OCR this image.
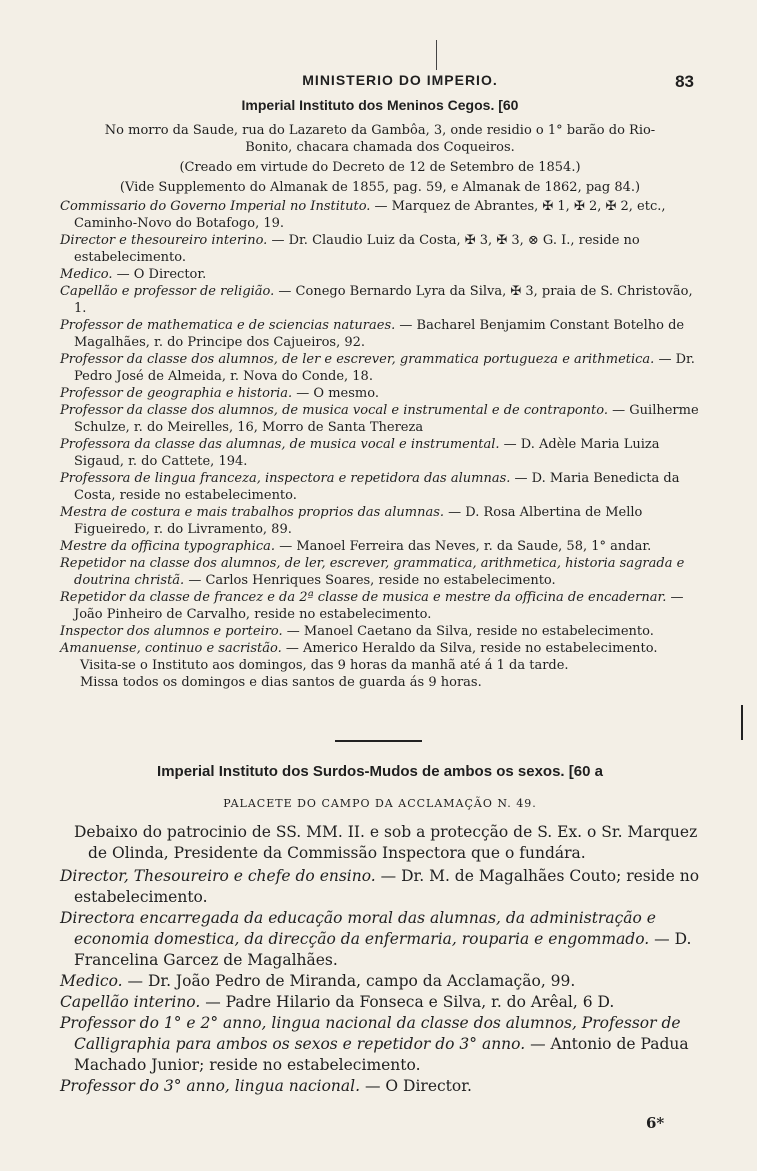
MINISTERIO DO IMPERIO.	83
Imperial Instituto dos Meninos Cegos. [60

No morro da Saude, rua do Lazareto da Gambôa, 3, onde residio o 1° barão do Rio-Bonito, chacara chamada dos Coqueiros.

(Creado em virtude do Decreto de 12 de Setembro de 1854.)

(Vide Supplemento do Almanak de 1855, pag. 59, e Almanak de 1862, pag 84.)

Commissario do Governo Imperial no Instituto. — Marquez de Abrantes, ✠ 1, ✠ 2, ✠ 2, etc., Caminho-Novo do Botafogo, 19.

Director e thesoureiro interino. — Dr. Claudio Luiz da Costa, ✠ 3, ✠ 3, ⊗ G. I., reside no estabelecimento.

Medico. — O Director.

Capellão e professor de religião. — Conego Bernardo Lyra da Silva, ✠ 3, praia de S. Christovão, 1.

Professor de mathematica e de sciencias naturaes. — Bacharel Benjamim Constant Botelho de Magalhães, r. do Principe dos Cajueiros, 92.

Professor da classe dos alumnos, de ler e escrever, grammatica portugueza e arithmetica. — Dr. Pedro José de Almeida, r. Nova do Conde, 18.

Professor de geographia e historia. — O mesmo.

Professor da classe dos alumnos, de musica vocal e instrumental e de contraponto. — Guilherme Schulze, r. do Meirelles, 16, Morro de Santa Thereza

Professora da classe das alumnas, de musica vocal e instrumental. — D. Adèle Maria Luiza Sigaud, r. do Cattete, 194.

Professora de lingua franceza, inspectora e repetidora das alumnas. — D. Maria Benedicta da Costa, reside no estabelecimento.

Mestra de costura e mais trabalhos proprios das alumnas. — D. Rosa Albertina de Mello Figueiredo, r. do Livramento, 89.

Mestre da officina typographica. — Manoel Ferreira das Neves, r. da Saude, 58, 1° andar.

Repetidor na classe dos alumnos, de ler, escrever, grammatica, arithmetica, historia sagrada e doutrina christã. — Carlos Henriques Soares, reside no estabelecimento.

Repetidor da classe de francez e da 2ª classe de musica e mestre da officina de encadernar. — João Pinheiro de Carvalho, reside no estabelecimento.

Inspector dos alumnos e porteiro. — Manoel Caetano da Silva, reside no estabelecimento.

Amanuense, continuo e sacristão. — Americo Heraldo da Silva, reside no estabelecimento.

Visita-se o Instituto aos domingos, das 9 horas da manhã até á 1 da tarde.

Missa todos os domingos e dias santos de guarda ás 9 horas.

Imperial Instituto dos Surdos-Mudos de ambos os sexos. [60 a
PALACETE DO CAMPO DA ACCLAMAÇÃO N. 49.

Debaixo do patrocinio de SS. MM. II. e sob a protecção de S. Ex. o Sr. Marquez de Olinda, Presidente da Commissão Inspectora que o fundára.

Director, Thesoureiro e chefe do ensino. — Dr. M. de Magalhães Couto; reside no estabelecimento.

Directora encarregada da educação moral das alumnas, da administração e economia domestica, da direcção da enfermaria, rouparia e engommado. — D. Francelina Garcez de Magalhães.

Medico. — Dr. João Pedro de Miranda, campo da Acclamação, 99.

Capellão interino. — Padre Hilario da Fonseca e Silva, r. do Arêal, 6 D.

Professor do 1° e 2° anno, lingua nacional da classe dos alumnos, Professor de Calligraphia para ambos os sexos e repetidor do 3° anno. — Antonio de Padua Machado Junior; reside no estabelecimento.

Professor do 3° anno, lingua nacional. — O Director.

6*
